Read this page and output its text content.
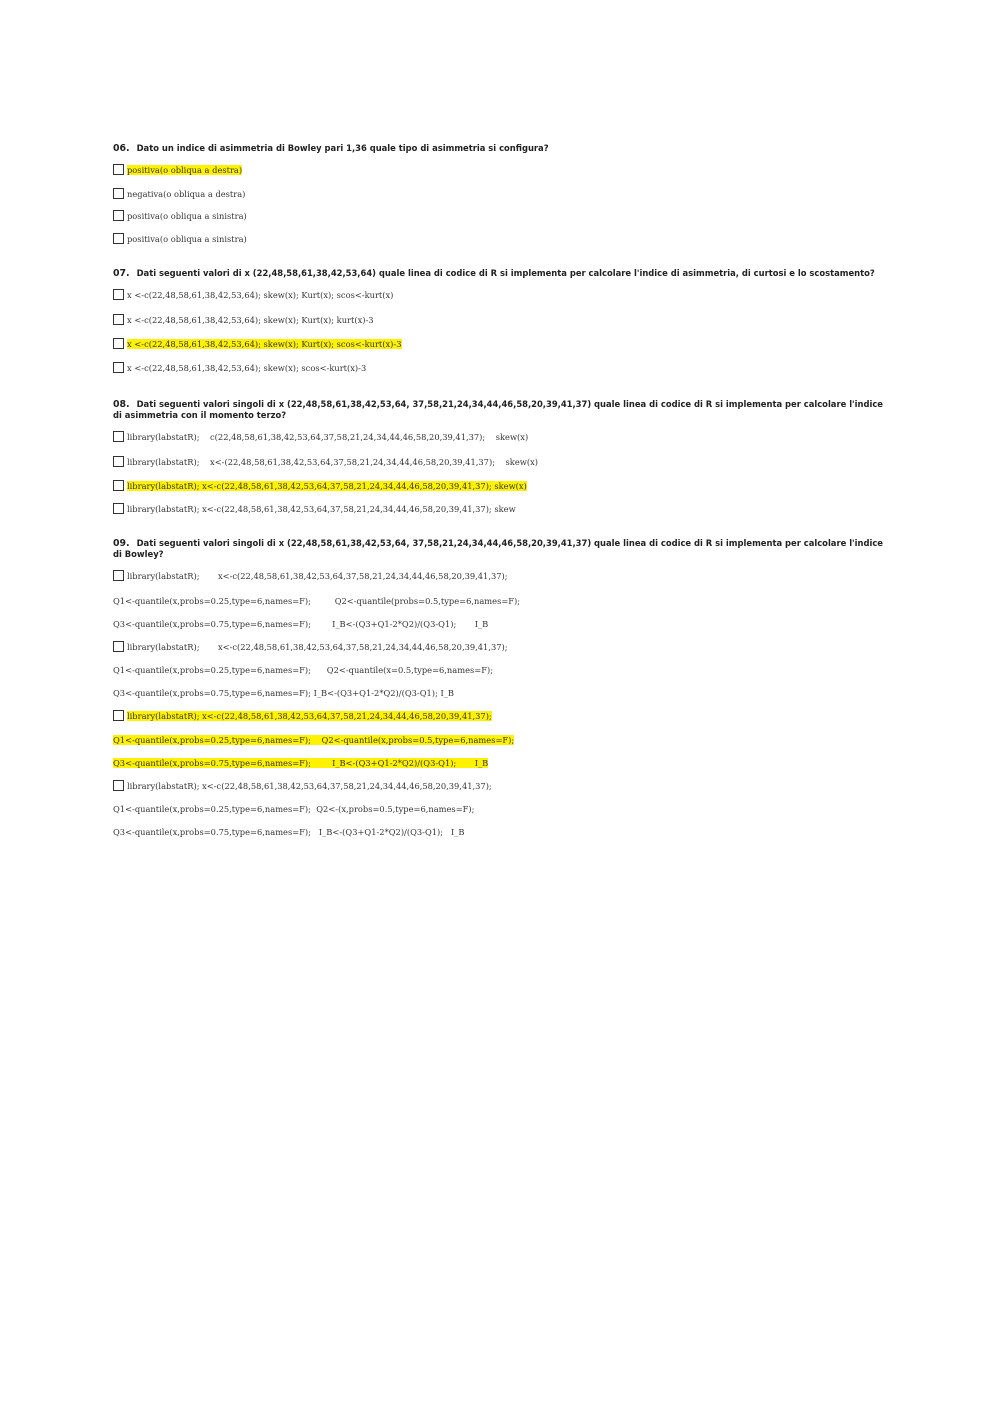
06. Dato un indice di asimmetria di Bowley pari 1,36 quale tipo di asimmetria si configura?
positiva(o obliqua a destra)
negativa(o obliqua a destra)
positiva(o obliqua a sinistra)
positiva(o obliqua a sinistra)
07. Dati seguenti valori di x (22,48,58,61,38,42,53,64) quale linea di codice di R si implementa per calcolare l'indice di asimmetria, di curtosi e lo scostamento?
x <-c(22,48,58,61,38,42,53,64); skew(x); Kurt(x); scos<-kurt(x)
x <-c(22,48,58,61,38,42,53,64); skew(x); Kurt(x); kurt(x)-3
x <-c(22,48,58,61,38,42,53,64); skew(x); Kurt(x); scos<-kurt(x)-3
x <-c(22,48,58,61,38,42,53,64); skew(x); scos<-kurt(x)-3
08. Dati seguenti valori singoli di x (22,48,58,61,38,42,53,64, 37,58,21,24,34,44,46,58,20,39,41,37) quale linea di codice di R si implementa per calcolare l'indice di asimmetria con il momento terzo?
library(labstatR);    c(22,48,58,61,38,42,53,64,37,58,21,24,34,44,46,58,20,39,41,37);    skew(x)
library(labstatR);    x<-(22,48,58,61,38,42,53,64,37,58,21,24,34,44,46,58,20,39,41,37);    skew(x)
library(labstatR); x<-c(22,48,58,61,38,42,53,64,37,58,21,24,34,44,46,58,20,39,41,37); skew(x)
library(labstatR); x<-c(22,48,58,61,38,42,53,64,37,58,21,24,34,44,46,58,20,39,41,37); skew
09. Dati seguenti valori singoli di x (22,48,58,61,38,42,53,64, 37,58,21,24,34,44,46,58,20,39,41,37) quale linea di codice di R si implementa per calcolare l'indice di Bowley?
library(labstatR);       x<-c(22,48,58,61,38,42,53,64,37,58,21,24,34,44,46,58,20,39,41,37);
Q1<-quantile(x,probs=0.25,type=6,names=F);         Q2<-quantile(probs=0.5,type=6,names=F);
Q3<-quantile(x,probs=0.75,type=6,names=F);        I_B<-(Q3+Q1-2*Q2)/(Q3-Q1);       I_B
library(labstatR);       x<-c(22,48,58,61,38,42,53,64,37,58,21,24,34,44,46,58,20,39,41,37);
Q1<-quantile(x,probs=0.25,type=6,names=F);      Q2<-quantile(x=0.5,type=6,names=F);
Q3<-quantile(x,probs=0.75,type=6,names=F); I_B<-(Q3+Q1-2*Q2)/(Q3-Q1); I_B
library(labstatR); x<-c(22,48,58,61,38,42,53,64,37,58,21,24,34,44,46,58,20,39,41,37);
Q1<-quantile(x,probs=0.25,type=6,names=F);    Q2<-quantile(x,probs=0.5,type=6,names=F);
Q3<-quantile(x,probs=0.75,type=6,names=F);        I_B<-(Q3+Q1-2*Q2)/(Q3-Q1);       I_B
library(labstatR); x<-c(22,48,58,61,38,42,53,64,37,58,21,24,34,44,46,58,20,39,41,37);
Q1<-quantile(x,probs=0.25,type=6,names=F);  Q2<-(x,probs=0.5,type=6,names=F);
Q3<-quantile(x,probs=0.75,type=6,names=F);   I_B<-(Q3+Q1-2*Q2)/(Q3-Q1);   I_B
